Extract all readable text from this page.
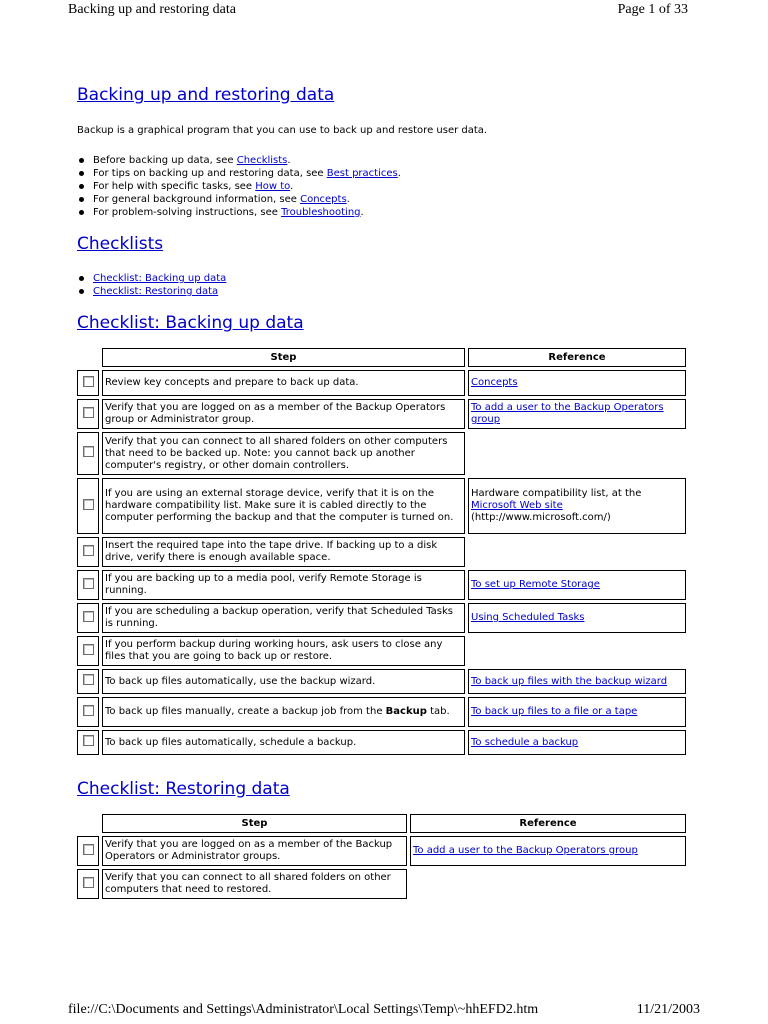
Backing up and restoring data	Page 1 of 33
Backing up and restoring data

Backup is a graphical program that you can use to back up and restore user data.

Before backing up data, see Checklists.
For tips on backing up and restoring data, see Best practices.
For help with specific tasks, see How to.
For general background information, see Concepts.
For problem-solving instructions, see Troubleshooting.
Checklists
Checklist: Backing up data
Checklist: Restoring data
Checklist: Backing up data
	Step	Reference
	Review key concepts and prepare to back up data.	Concepts
	Verify that you are logged on as a member of the Backup Operators group or Administrator group.	To add a user to the Backup Operators group
	Verify that you can connect to all shared folders on other computers that need to be backed up. Note: you cannot back up another computer's registry, or other domain controllers.	
	If you are using an external storage device, verify that it is on the hardware compatibility list. Make sure it is cabled directly to the computer performing the backup and that the computer is turned on.	Hardware compatibility list, at the Microsoft Web site (http://www.microsoft.com/)
	Insert the required tape into the tape drive. If backing up to a disk drive, verify there is enough available space.	
	If you are backing up to a media pool, verify Remote Storage is running.	To set up Remote Storage
	If you are scheduling a backup operation, verify that Scheduled Tasks is running.	Using Scheduled Tasks
	If you perform backup during working hours, ask users to close any files that you are going to back up or restore.	
	To back up files automatically, use the backup wizard.	To back up files with the backup wizard
	To back up files manually, create a backup job from the Backup tab.	To back up files to a file or a tape
	To back up files automatically, schedule a backup.	To schedule a backup
Checklist: Restoring data
	Step	Reference
	Verify that you are logged on as a member of the Backup Operators or Administrator groups.	To add a user to the Backup Operators group
	Verify that you can connect to all shared folders on other computers that need to restored.	
file://C:\Documents and Settings\Administrator\Local Settings\Temp\~hhEFD2.htm	11/21/2003
